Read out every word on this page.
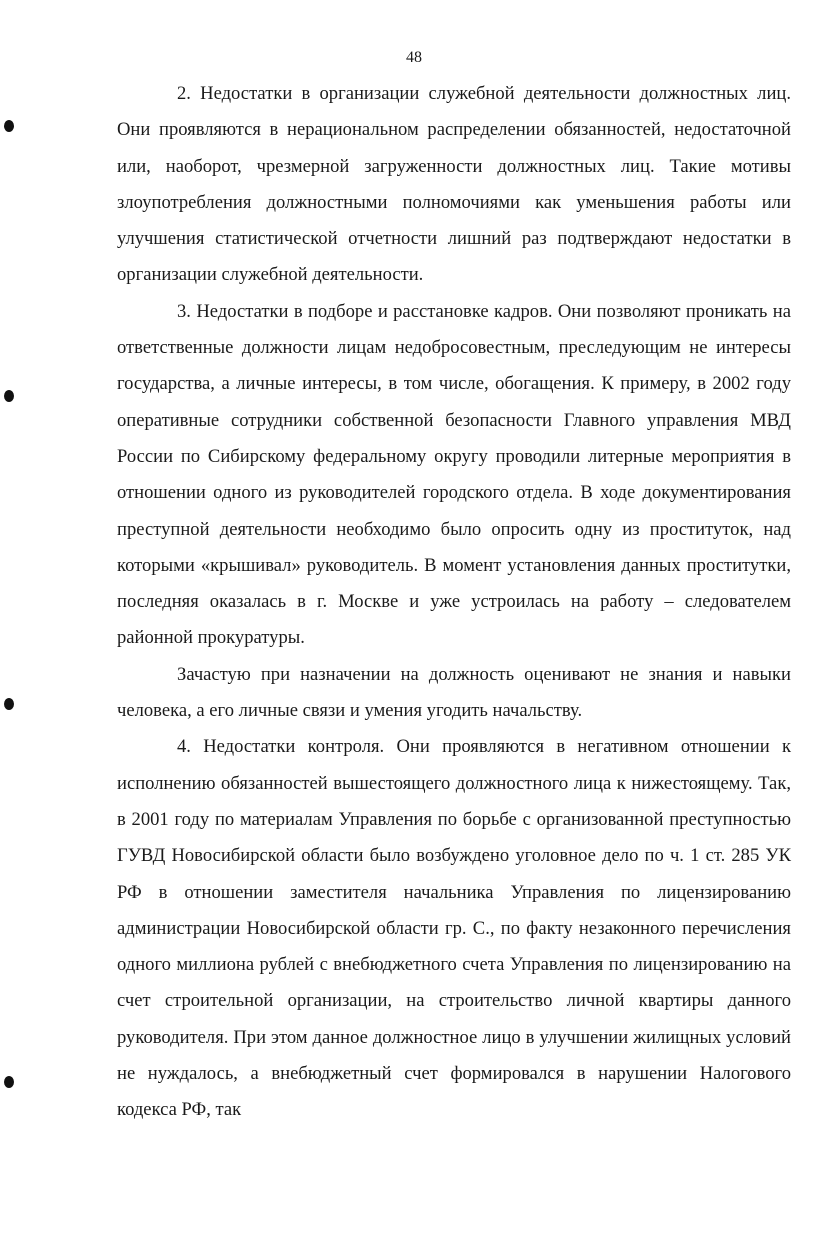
48

2. Недостатки в организации служебной деятельности должностных лиц. Они проявляются в нерациональном распределении обязанностей, недостаточной или, наоборот, чрезмерной загруженности должностных лиц. Такие мотивы злоупотребления должностными полномочиями как уменьшения работы или улучшения статистической отчетности лишний раз подтверждают недостатки в организации служебной деятельности.

3. Недостатки в подборе и расстановке кадров. Они позволяют проникать на ответственные должности лицам недобросовестным, преследующим не интересы государства, а личные интересы, в том числе, обогащения. К примеру, в 2002 году оперативные сотрудники собственной безопасности Главного управления МВД России по Сибирскому федеральному округу проводили литерные мероприятия в отношении одного из руководителей городского отдела. В ходе документирования преступной деятельности необходимо было опросить одну из проституток, над которыми «крышивал» руководитель. В момент установления данных проститутки, последняя оказалась в г. Москве и уже устроилась на работу – следователем районной прокуратуры.

Зачастую при назначении на должность оценивают не знания и навыки человека, а его личные связи и умения угодить начальству.

4. Недостатки контроля. Они проявляются в негативном отношении к исполнению обязанностей вышестоящего должностного лица к нижестоящему. Так, в 2001 году по материалам Управления по борьбе с организованной преступностью ГУВД Новосибирской области было возбуждено уголовное дело по ч. 1 ст. 285 УК РФ в отношении заместителя начальника Управления по лицензированию администрации Новосибирской области гр. С., по факту незаконного перечисления одного миллиона рублей с внебюджетного счета Управления по лицензированию на счет строительной организации, на строительство личной квартиры данного руководителя. При этом данное должностное лицо в улучшении жилищных условий не нуждалось, а внебюджетный счет формировался в нарушении Налогового кодекса РФ, так
